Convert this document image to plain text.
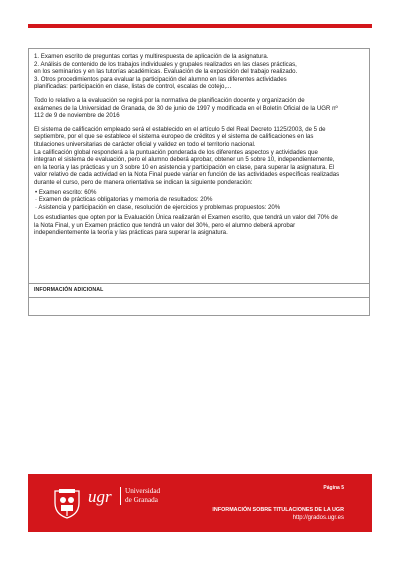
1. Examen escrito de preguntas cortas y multirespuesta de aplicación de la asignatura.

2. Análisis de contenido de los trabajos individuales y grupales realizados en las clases prácticas,

en los seminarios y en las tutorías académicas. Evaluación de la exposición del trabajo realizado.

3. Otros procedimientos para evaluar la participación del alumno en las diferentes actividades

planificadas: participación en clase, listas de control, escalas de cotejo,...

Todo lo relativo a la evaluación se regirá por la normativa de planificación docente y organización de

exámenes de la Universidad de Granada, de 30 de junio de 1997 y modificada en el Boletín Oficial de la UGR nº

112 de 9 de noviembre de 2016

El sistema de calificación empleado será el establecido en el artículo 5 del Real Decreto 1125/2003, de 5 de

septiembre, por el que se establece el sistema europeo de créditos y el sistema de calificaciones en las

titulaciones universitarias de carácter oficial y validez en todo el territorio nacional.

La calificación global responderá a la puntuación ponderada de los diferentes aspectos y actividades que

integran el sistema de evaluación, pero el alumno deberá aprobar, obtener un 5 sobre 10, independientemente,

en la teoría y las prácticas y un 3 sobre 10 en asistencia y participación en clase, para superar la asignatura. El

valor relativo de cada actividad en la Nota Final puede variar en función de las actividades específicas realizadas

durante el curso, pero de manera orientativa se indican la siguiente ponderación:

• Examen escrito: 60%

· Examen de prácticas obligatorias y memoria de resultados: 20%

· Asistencia y participación en clase, resolución de ejercicios y problemas propuestos: 20%

Los estudiantes que opten por la Evaluación Única realizarán el Examen escrito, que tendrá un valor del 70% de

la Nota Final, y un Examen práctico que tendrá un valor del 30%, pero el alumno deberá aprobar

independientemente la teoría y las prácticas para superar la asignatura.

INFORMACIÓN ADICIONAL
ugr Universidad
de Granada
Página 5
INFORMACIÓN SOBRE TITULACIONES DE LA UGR
http://grados.ugr.es
